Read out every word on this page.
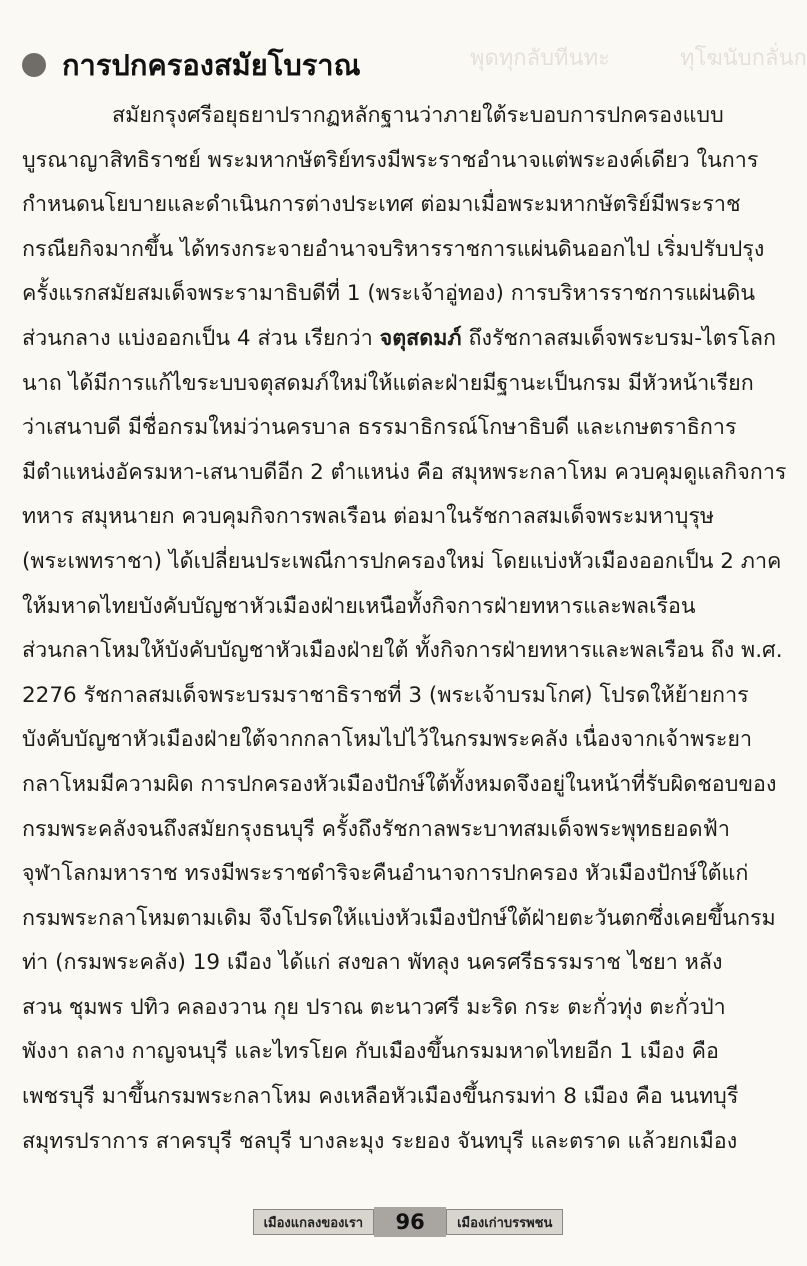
พุดทุกลับทีนทะ	ทุโฆนับกลั่นก
การปกครองสมัยโบราณ
สมัยกรุงศรีอยุธยาปรากฏหลักฐานว่าภายใต้ระบอบการปกครองแบบ
บูรณาญาสิทธิราชย์ พระมหากษัตริย์ทรงมีพระราชอำนาจแต่พระองค์เดียว ในการ
กำหนดนโยบายและดำเนินการต่างประเทศ ต่อมาเมื่อพระมหากษัตริย์มีพระราช
กรณียกิจมากขึ้น ได้ทรงกระจายอำนาจบริหารราชการแผ่นดินออกไป เริ่มปรับปรุง
ครั้งแรกสมัยสมเด็จพระรามาธิบดีที่ 1 (พระเจ้าอู่ทอง) การบริหารราชการแผ่นดิน
ส่วนกลาง แบ่งออกเป็น 4 ส่วน เรียกว่า จตุสดมภ์ ถึงรัชกาลสมเด็จพระบรม-ไตรโลก
นาถ ได้มีการแก้ไขระบบจตุสดมภ์ใหม่ให้แต่ละฝ่ายมีฐานะเป็นกรม มีหัวหน้าเรียก
ว่าเสนาบดี มีชื่อกรมใหม่ว่านครบาล ธรรมาธิกรณ์โกษาธิบดี และเกษตราธิการ
มีตำแหน่งอัครมหา-เสนาบดีอีก 2 ตำแหน่ง คือ สมุหพระกลาโหม ควบคุมดูแลกิจการ
ทหาร สมุหนายก ควบคุมกิจการพลเรือน ต่อมาในรัชกาลสมเด็จพระมหาบุรุษ
(พระเพทราชา) ได้เปลี่ยนประเพณีการปกครองใหม่ โดยแบ่งหัวเมืองออกเป็น 2 ภาค
ให้มหาดไทยบังคับบัญชาหัวเมืองฝ่ายเหนือทั้งกิจการฝ่ายทหารและพลเรือน
ส่วนกลาโหมให้บังคับบัญชาหัวเมืองฝ่ายใต้ ทั้งกิจการฝ่ายทหารและพลเรือน ถึง พ.ศ.
2276 รัชกาลสมเด็จพระบรมราชาธิราชที่ 3 (พระเจ้าบรมโกศ) โปรดให้ย้ายการ
บังคับบัญชาหัวเมืองฝ่ายใต้จากกลาโหมไปไว้ในกรมพระคลัง เนื่องจากเจ้าพระยา
กลาโหมมีความผิด การปกครองหัวเมืองปักษ์ใต้ทั้งหมดจึงอยู่ในหน้าที่รับผิดชอบของ
กรมพระคลังจนถึงสมัยกรุงธนบุรี ครั้งถึงรัชกาลพระบาทสมเด็จพระพุทธยอดฟ้า
จุฬาโลกมหาราช ทรงมีพระราชดำริจะคืนอำนาจการปกครอง หัวเมืองปักษ์ใต้แก่
กรมพระกลาโหมตามเดิม จึงโปรดให้แบ่งหัวเมืองปักษ์ใต้ฝ่ายตะวันตกซึ่งเคยขึ้นกรม
ท่า (กรมพระคลัง) 19 เมือง ได้แก่ สงขลา พัทลุง นครศรีธรรมราช ไชยา หลัง
สวน ชุมพร ปทิว คลองวาน กุย ปราณ ตะนาวศรี มะริด กระ ตะกั่วทุ่ง ตะกั่วป่า
พังงา ถลาง กาญจนบุรี และไทรโยค กับเมืองขึ้นกรมมหาดไทยอีก 1 เมือง คือ
เพชรบุรี มาขึ้นกรมพระกลาโหม คงเหลือหัวเมืองขึ้นกรมท่า 8 เมือง คือ นนทบุรี
สมุทรปราการ สาครบุรี ชลบุรี บางละมุง ระยอง จันทบุรี และตราด แล้วยกเมือง
เมืองแกลงของเรา	96	เมืองเก่าบรรพชน
